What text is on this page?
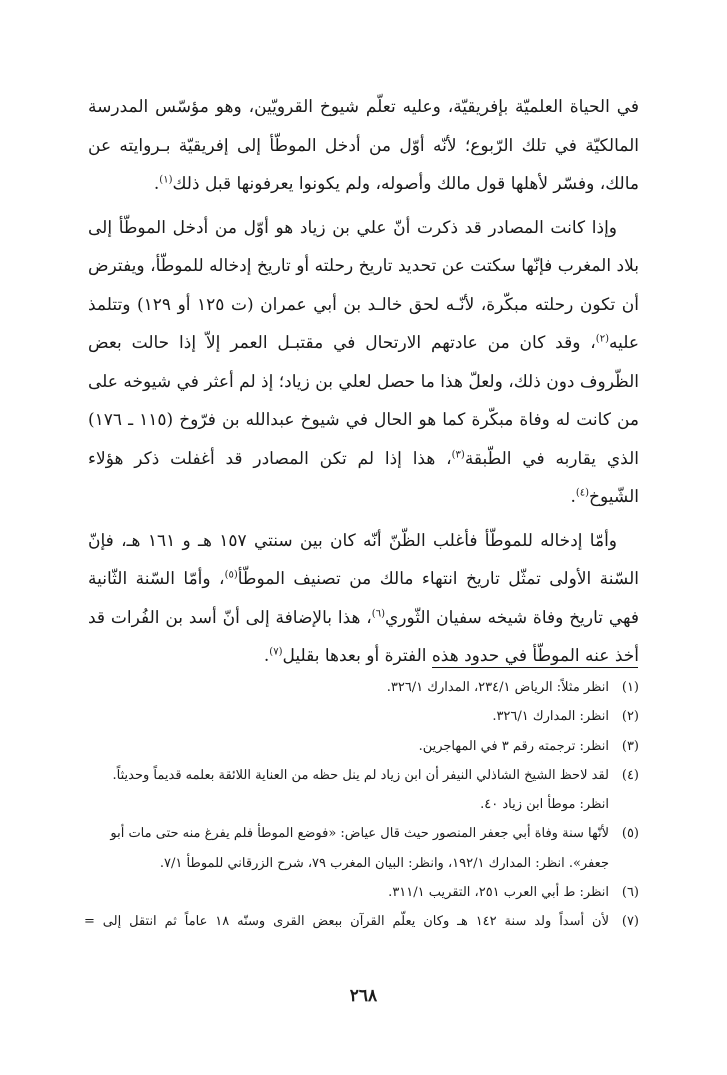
في الحياة العلميّة بإفريقيّة، وعليه تعلّم شيوخ القرويّين، وهو مؤسّس المدرسة المالكيّة في تلك الرّبوع؛ لأنّه أوّل من أدخل الموطّأ إلى إفريقيّة بـروايته عن مالك، وفسّر لأهلها قول مالك وأصوله، ولم يكونوا يعرفونها قبل ذلك$^{(١)}$.

وإذا كانت المصادر قد ذكرت أنّ علي بن زياد هو أوّل من أدخل الموطّأ إلى بلاد المغرب فإنّها سكتت عن تحديد تاريخ رحلته أو تاريخ إدخاله للموطّأ، ويفترض أن تكون رحلته مبكّرة، لأنّـه لحق خالـد بن أبي عمران (ت ١٢٥ أو ١٢٩) وتتلمذ عليه$^{(٢)}$، وقد كان من عادتهم الارتحال في مقتبـل العمر إلاّ إذا حالت بعض الظّروف دون ذلك، ولعلّ هذا ما حصل لعلي بن زياد؛ إذ لم أعثر في شيوخه على من كانت له وفاة مبكّرة كما هو الحال في شيوخ عبدالله بن فرّوخ (١١٥ ـ ١٧٦) الذي يقاربه في الطّبقة$^{(٣)}$، هذا إذا لم تكن المصادر قد أغفلت ذكر هؤلاء الشّيوخ$^{(٤)}$.

وأمّا إدخاله للموطّأ فأغلب الظّنّ أنّه كان بين سنتي ١٥٧ هـ و ١٦١ هـ، فإنّ السّنة الأولى تمثّل تاريخ انتهاء مالك من تصنيف الموطّأ$^{(٥)}$، وأمّا السّنة الثّانية فهي تاريخ وفاة شيخه سفيان الثّوري$^{(٦)}$، هذا بالإضافة إلى أنّ أسد بن الفُرات قد أخذ عنه الموطّأ في حدود هذه الفترة أو بعدها بقليل$^{(٧)}$.

(١)
انظر مثلاً: الرياض ٢٣٤/١، المدارك ٣٢٦/١.

(٢)
انظر: المدارك ٣٢٦/١.

(٣)
انظر: ترجمته رقم ٣ في المهاجرين.

(٤)
لقد لاحظ الشيخ الشاذلي النيفر أن ابن زياد لم ينل حظه من العناية اللائقة بعلمه قديماً وحديثاً. انظر: موطأ ابن زياد ٤٠.

(٥)
لأنّها سنة وفاة أبي جعفر المنصور حيث قال عياض: «فوضع الموطأ فلم يفرغ منه حتى مات أبو جعفر». انظر: المدارك ١٩٢/١، وانظر: البيان المغرب ٧٩، شرح الزرقاني للموطأ ٧/١.

(٦)
انظر: ط أبي العرب ٢٥١، التقريب ٣١١/١.

(٧)
لأن أسداً ولد سنة ١٤٢ هـ وكان يعلّم القرآن ببعض القرى وسنّه ١٨ عاماً ثم انتقل إلى =

٢٦٨
